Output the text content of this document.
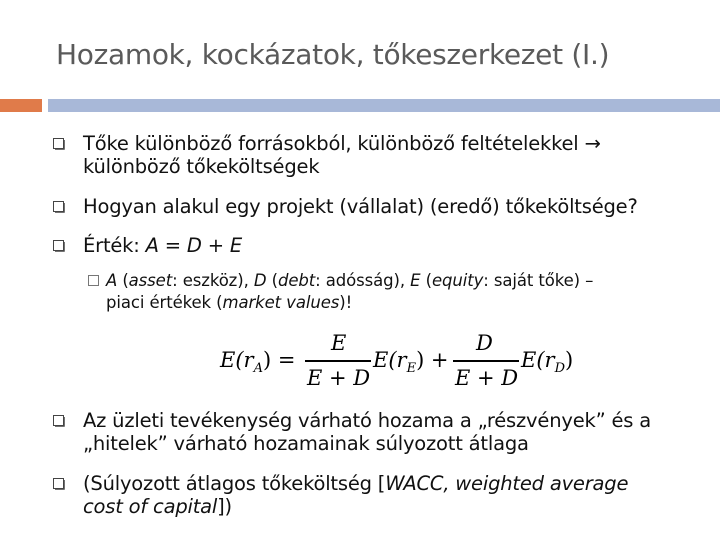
Hozamok, kockázatok, tőkeszerkezet (I.)
Tőke különböző forrásokból, különböző feltételekkel →
különböző tőkeköltségek
Hogyan alakul egy projekt (vállalat) (eredő) tőkeköltsége?
Érték: A = D + E
A (asset: eszköz), D (debt: adósság), E (equity: saját tőke) –
piaci értékek (market values)!
$E(r_A$ ) =
E
E + D
$E(r_E$ ) +
D
E + D
$E(r_D$ )
Az üzleti tevékenység várható hozama a „részvények” és a
„hitelek” várható hozamainak súlyozott átlaga
(Súlyozott átlagos tőkeköltség [WACC, weighted average
cost of capital])
